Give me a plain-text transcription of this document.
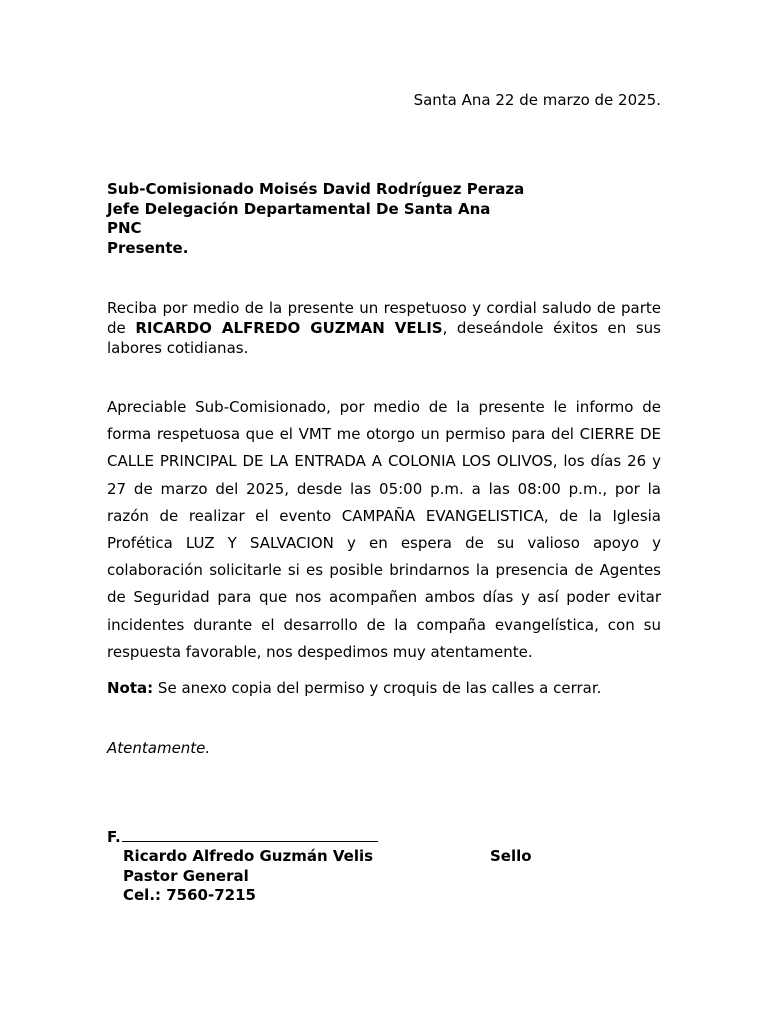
Santa Ana 22 de marzo de 2025.
Sub-Comisionado Moisés David Rodríguez Peraza
Jefe Delegación Departamental De Santa Ana
PNC
Presente.
Reciba por medio de la presente un respetuoso y cordial saludo de parte de RICARDO ALFREDO GUZMAN VELIS, deseándole éxitos en sus labores cotidianas.
Apreciable Sub-Comisionado, por medio de la presente le informo de forma respetuosa que el VMT me otorgo un permiso para del CIERRE DE CALLE PRINCIPAL DE LA ENTRADA A COLONIA LOS OLIVOS, los días 26 y 27 de marzo del 2025, desde las 05:00 p.m. a las 08:00 p.m., por la razón de realizar el evento CAMPAÑA EVANGELISTICA, de la Iglesia Profética LUZ Y SALVACION y en espera de su valioso apoyo y colaboración solicitarle si es posible brindarnos la presencia de Agentes de Seguridad para que nos acompañen ambos días y así poder evitar incidentes durante el desarrollo de la compaña evangelística, con su respuesta favorable, nos despedimos muy atentamente.
Nota: Se anexo copia del permiso y croquis de las calles a cerrar.
Atentamente.
F.
Ricardo Alfredo Guzmán Velis
Pastor General
Cel.: 7560-7215
Sello
